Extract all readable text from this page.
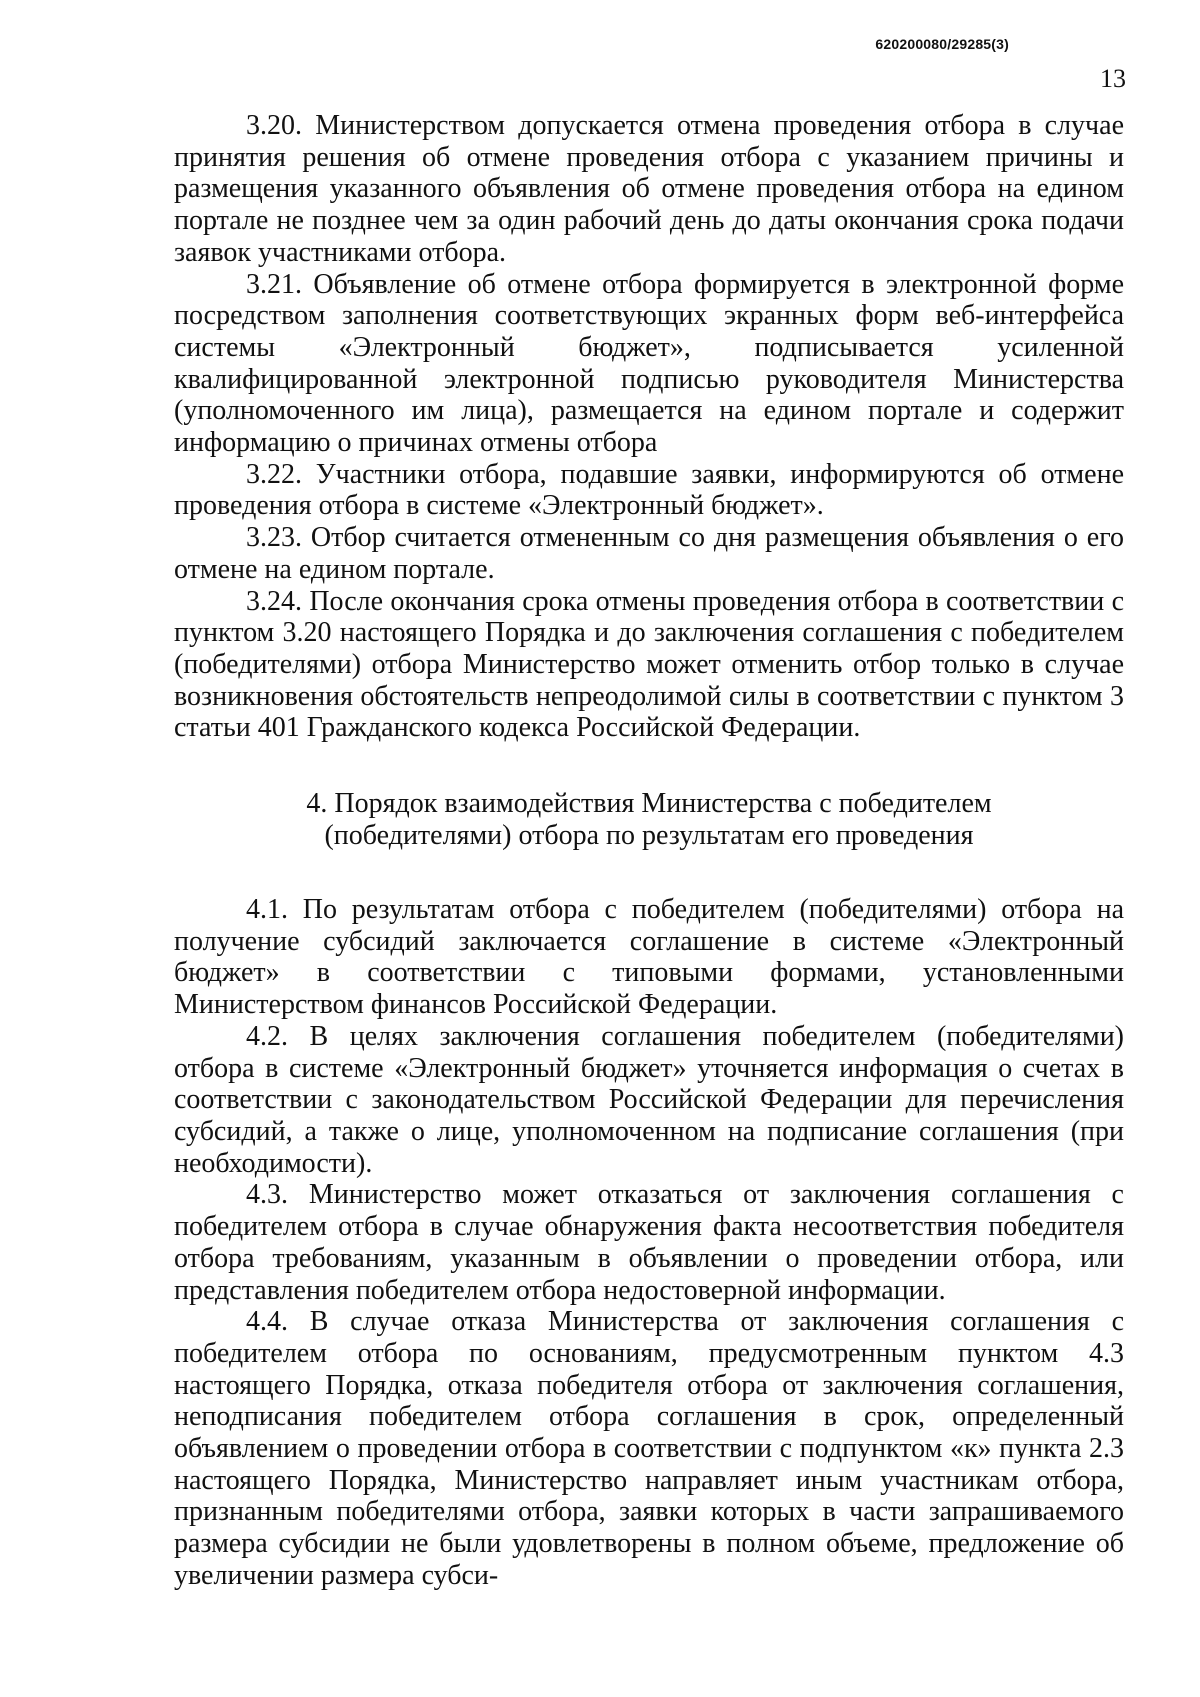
620200080/29285(3)
13

3.20. Министерством допускается отмена проведения отбора в случае принятия решения об отмене проведения отбора с указанием причины и размещения указанного объявления об отмене проведения отбора на едином портале не позднее чем за один рабочий день до даты окончания срока подачи заявок участниками отбора.

3.21. Объявление об отмене отбора формируется в электронной форме посредством заполнения соответствующих экранных форм веб-интерфейса системы «Электронный бюджет», подписывается усиленной квалифицированной электронной подписью руководителя Министерства (уполномоченного им лица), размещается на едином портале и содержит информацию о причинах отмены отбора

3.22. Участники отбора, подавшие заявки, информируются об отмене проведения отбора в системе «Электронный бюджет».

3.23. Отбор считается отмененным со дня размещения объявления о его отмене на едином портале.

3.24. После окончания срока отмены проведения отбора в соответствии с пунктом 3.20 настоящего Порядка и до заключения соглашения с победителем (победителями) отбора Министерство может отменить отбор только в случае возникновения обстоятельств непреодолимой силы в соответствии с пунктом 3 статьи 401 Гражданского кодекса Российской Федерации.

4. Порядок взаимодействия Министерства с победителем
(победителями) отбора по результатам его проведения

4.1. По результатам отбора с победителем (победителями) отбора на получение субсидий заключается соглашение в системе «Электронный бюджет» в соответствии с типовыми формами, установленными Министерством финансов Российской Федерации.

4.2. В целях заключения соглашения победителем (победителями) отбора в системе «Электронный бюджет» уточняется информация о счетах в соответствии с законодательством Российской Федерации для перечисления субсидий, а также о лице, уполномоченном на подписание соглашения (при необходимости).

4.3. Министерство может отказаться от заключения соглашения с победителем отбора в случае обнаружения факта несоответствия победителя отбора требованиям, указанным в объявлении о проведении отбора, или представления победителем отбора недостоверной информации.

4.4. В случае отказа Министерства от заключения соглашения с победителем отбора по основаниям, предусмотренным пунктом 4.3 настоящего Порядка, отказа победителя отбора от заключения соглашения, неподписания победителем отбора соглашения в срок, определенный объявлением о проведении отбора в соответствии с подпунктом «к» пункта 2.3 настоящего Порядка, Министерство направляет иным участникам отбора, признанным победителями отбора, заявки которых в части запрашиваемого размера субсидии не были удовлетворены в полном объеме, предложение об увеличении размера субси-
